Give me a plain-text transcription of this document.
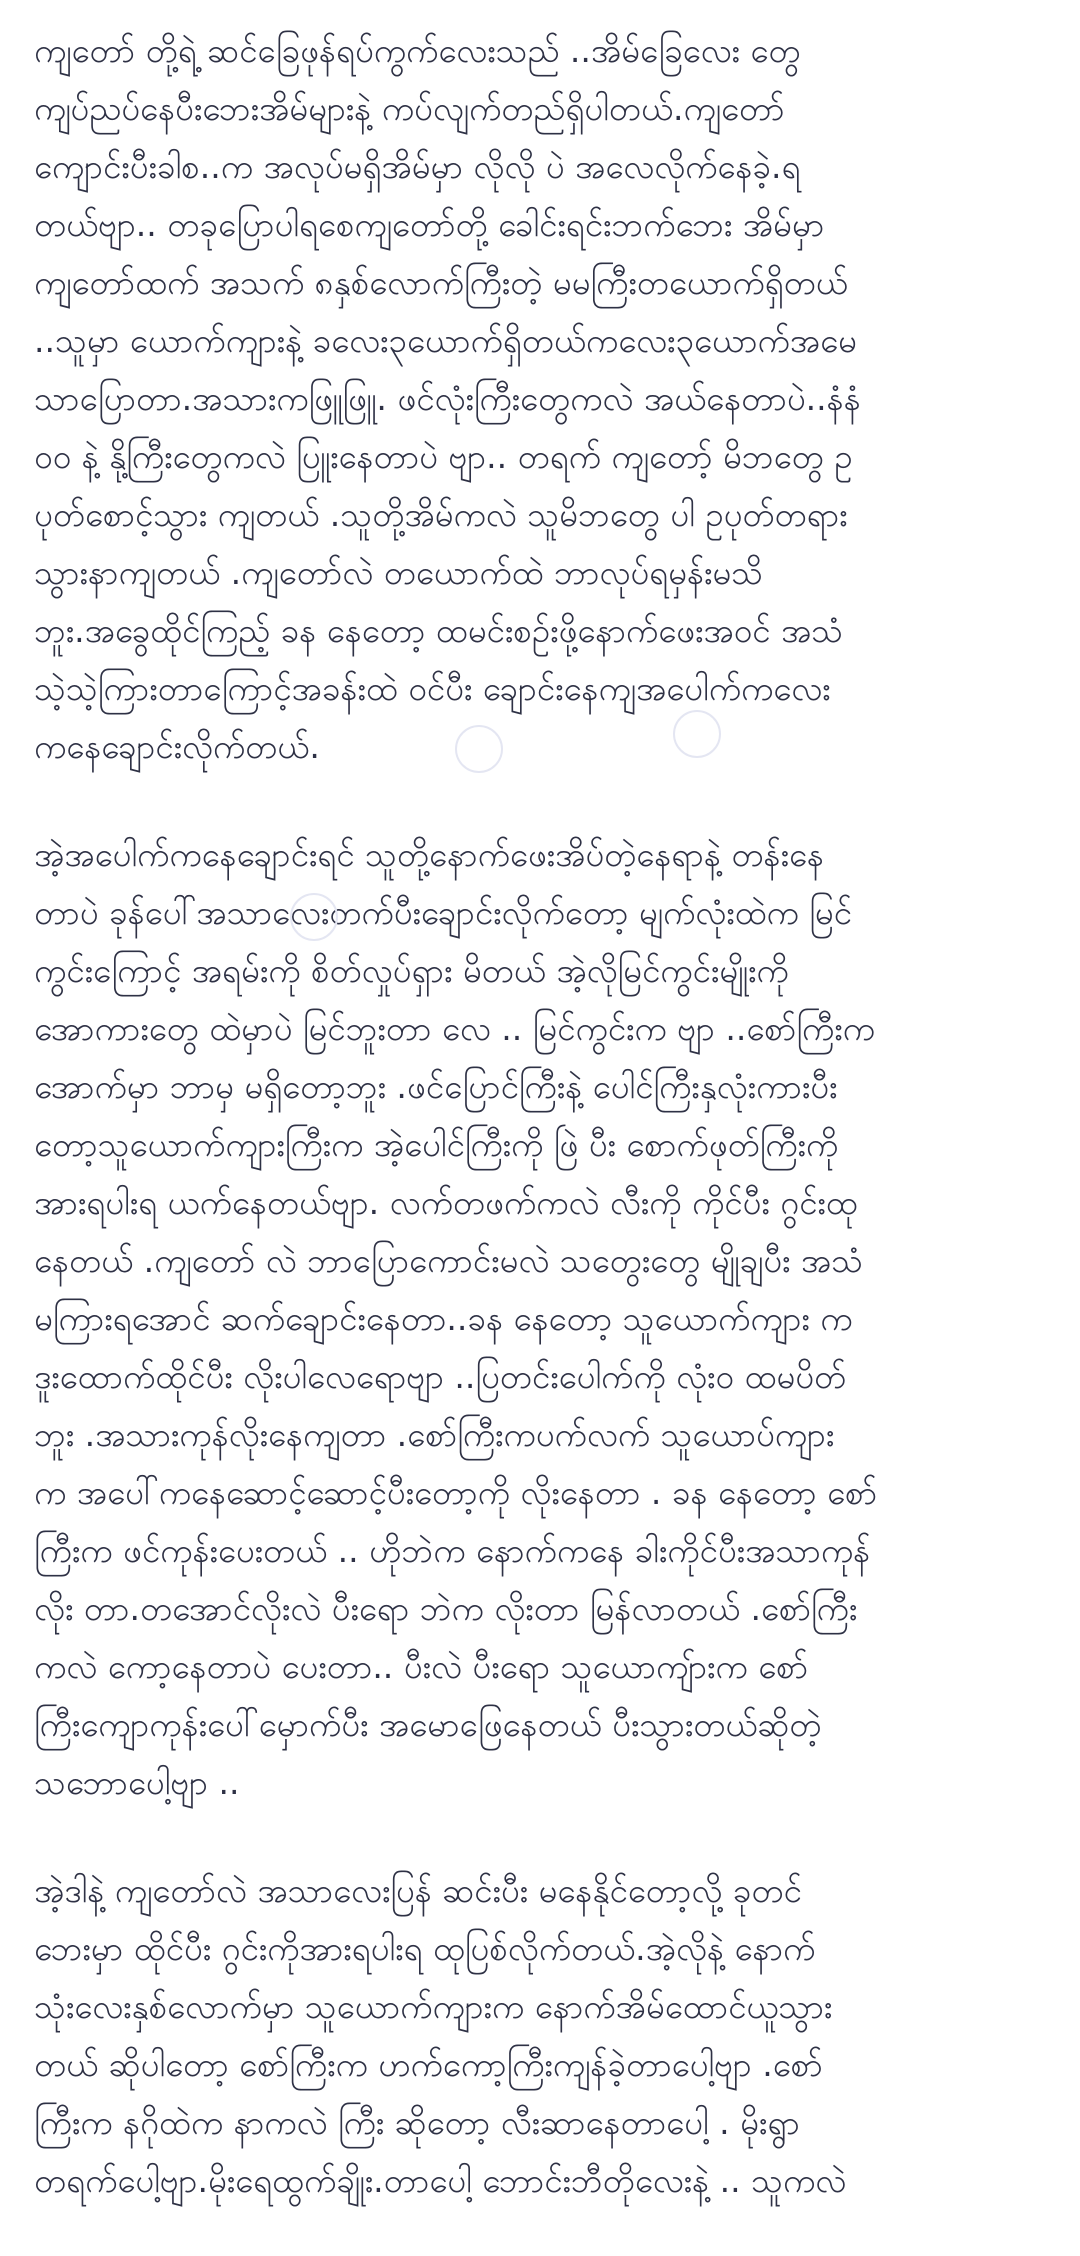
ကျတော် တို့ရဲ့ ဆင်ခြေဖုန်ရပ်ကွက်လေးသည် ..အိမ်ခြေလေး တွေ
ကျပ်ညပ်နေပီးဘေးအိမ်များနဲ့ ကပ်လျက်တည်ရှိပါတယ်.ကျတော်
ကျောင်းပီးခါစ..က အလုပ်မရှိအိမ်မှာ လိုလို ပဲ အလေလိုက်နေခဲ့.ရ
တယ်ဗျာ.. တခုပြောပါရစေကျတော်တို့ ခေါင်းရင်းဘက်ဘေး အိမ်မှာ
ကျတော်ထက် အသက် ၈နှစ်လောက်ကြီးတဲ့ မမကြီးတယောက်ရှိတယ်
..သူမှာ ယောက်ကျားနဲ့ ခလေး၃ယောက်ရှိတယ်ကလေး၃ယောက်အမေ
သာပြောတာ.အသားကဖြူဖြူ. ဖင်လုံးကြီးတွေကလဲ အယ်နေတာပဲ..နံနံ
၀၀ နဲ့ နို့ကြီးတွေကလဲ ပြူးနေတာပဲ ဗျာ.. တရက် ကျတော့် မိဘတွေ ဥ
ပုတ်စောင့်သွား ကျတယ် .သူတို့အိမ်ကလဲ သူမိဘတွေ ပါ ဥပုတ်တရား
သွားနာကျတယ် .ကျတော်လဲ တယောက်ထဲ ဘာလုပ်ရမှန်းမသိ
ဘူး.အခွေထိုင်ကြည့် ခန နေတော့ ထမင်းစဉ်းဖို့နောက်ဖေးအဝင် အသံ
သဲ့သဲ့ကြားတာကြောင့်အခန်းထဲ ဝင်ပီး ချောင်းနေကျအပေါက်ကလေး
ကနေချောင်းလိုက်တယ်.
အဲ့အပေါက်ကနေချောင်းရင် သူတို့နောက်ဖေးအိပ်တဲ့နေရာနဲ့ တန်းနေ
တာပဲ ခုန်ပေါ်အသာလေးတက်ပီးချောင်းလိုက်တော့ မျက်လုံးထဲက မြင်
ကွင်းကြောင့် အရမ်းကို စိတ်လှုပ်ရှား မိတယ် အဲ့လိုမြင်ကွင်းမျိုးကို
အောကားတွေ ထဲမှာပဲ မြင်ဘူးတာ လေ .. မြင်ကွင်းက ဗျာ ..စော်ကြီးက
အောက်မှာ ဘာမှ မရှိတော့ဘူး .ဖင်ပြောင်ကြီးနဲ့ ပေါင်ကြီးနှလုံးကားပီး
တော့သူယောက်ကျားကြီးက အဲ့ပေါင်ကြီးကို ဖြဲ ပီး စောက်ဖုတ်ကြီးကို
အားရပါးရ ယက်နေတယ်ဗျာ. လက်တဖက်ကလဲ လီးကို ကိုင်ပီး ဂွင်းထု
နေတယ် .ကျတော် လဲ ဘာပြောကောင်းမလဲ သတွေးတွေ မျိုချပီး အသံ
မကြားရအောင် ဆက်ချောင်းနေတာ..ခန နေတော့ သူယောက်ကျား က
ဒူးထောက်ထိုင်ပီး လိုးပါလေရောဗျာ ..ပြတင်းပေါက်ကို လုံး၀ ထမပိတ်
ဘူး .အသားကုန်လိုးနေကျတာ .စော်ကြီးကပက်လက် သူယောပ်ကျား
က အပေါ်ကနေဆောင့်ဆောင့်ပီးတော့ကို လိုးနေတာ . ခန နေတော့ စော်
ကြီးက ဖင်ကုန်းပေးတယ် .. ဟိုဘဲက နောက်ကနေ ခါးကိုင်ပီးအသာကုန်
လိုး တာ.တအောင်လိုးလဲ ပီးရော ဘဲက လိုးတာ မြန်လာတယ် .စော်ကြီး
ကလဲ ကော့နေတာပဲ ပေးတာ.. ပီးလဲ ပီးရော သူယောကျ်ားက စော်
ကြီးကျောကုန်းပေါ်မှောက်ပီး အမောဖြေနေတယ် ပီးသွားတယ်ဆိုတဲ့
သဘောပေါ့ဗျာ ..
အဲ့ဒါနဲ့ ကျတော်လဲ အသာလေးပြန် ဆင်းပီး မနေနိုင်တော့လို့ ခုတင်
ဘေးမှာ ထိုင်ပီး ဂွင်းကိုအားရပါးရ ထုပြစ်လိုက်တယ်.အဲ့လိုနဲ့ နောက်
သုံးလေးနှစ်လောက်မှာ သူယောက်ကျားက နောက်အိမ်ထောင်ယူသွား
တယ် ဆိုပါတော့ စော်ကြီးက ဟက်ကော့ကြီးကျန်ခဲ့တာပေါ့ဗျာ .စော်
ကြီးက နဂိုထဲက နာကလဲ ကြီး ဆိုတော့ လီးဆာနေတာပေါ့ . မိုးရွာ
တရက်ပေါ့ဗျာ.မိုးရေထွက်ချိုး.တာပေါ့ ဘောင်းဘီတိုလေးနဲ့ .. သူကလဲ
